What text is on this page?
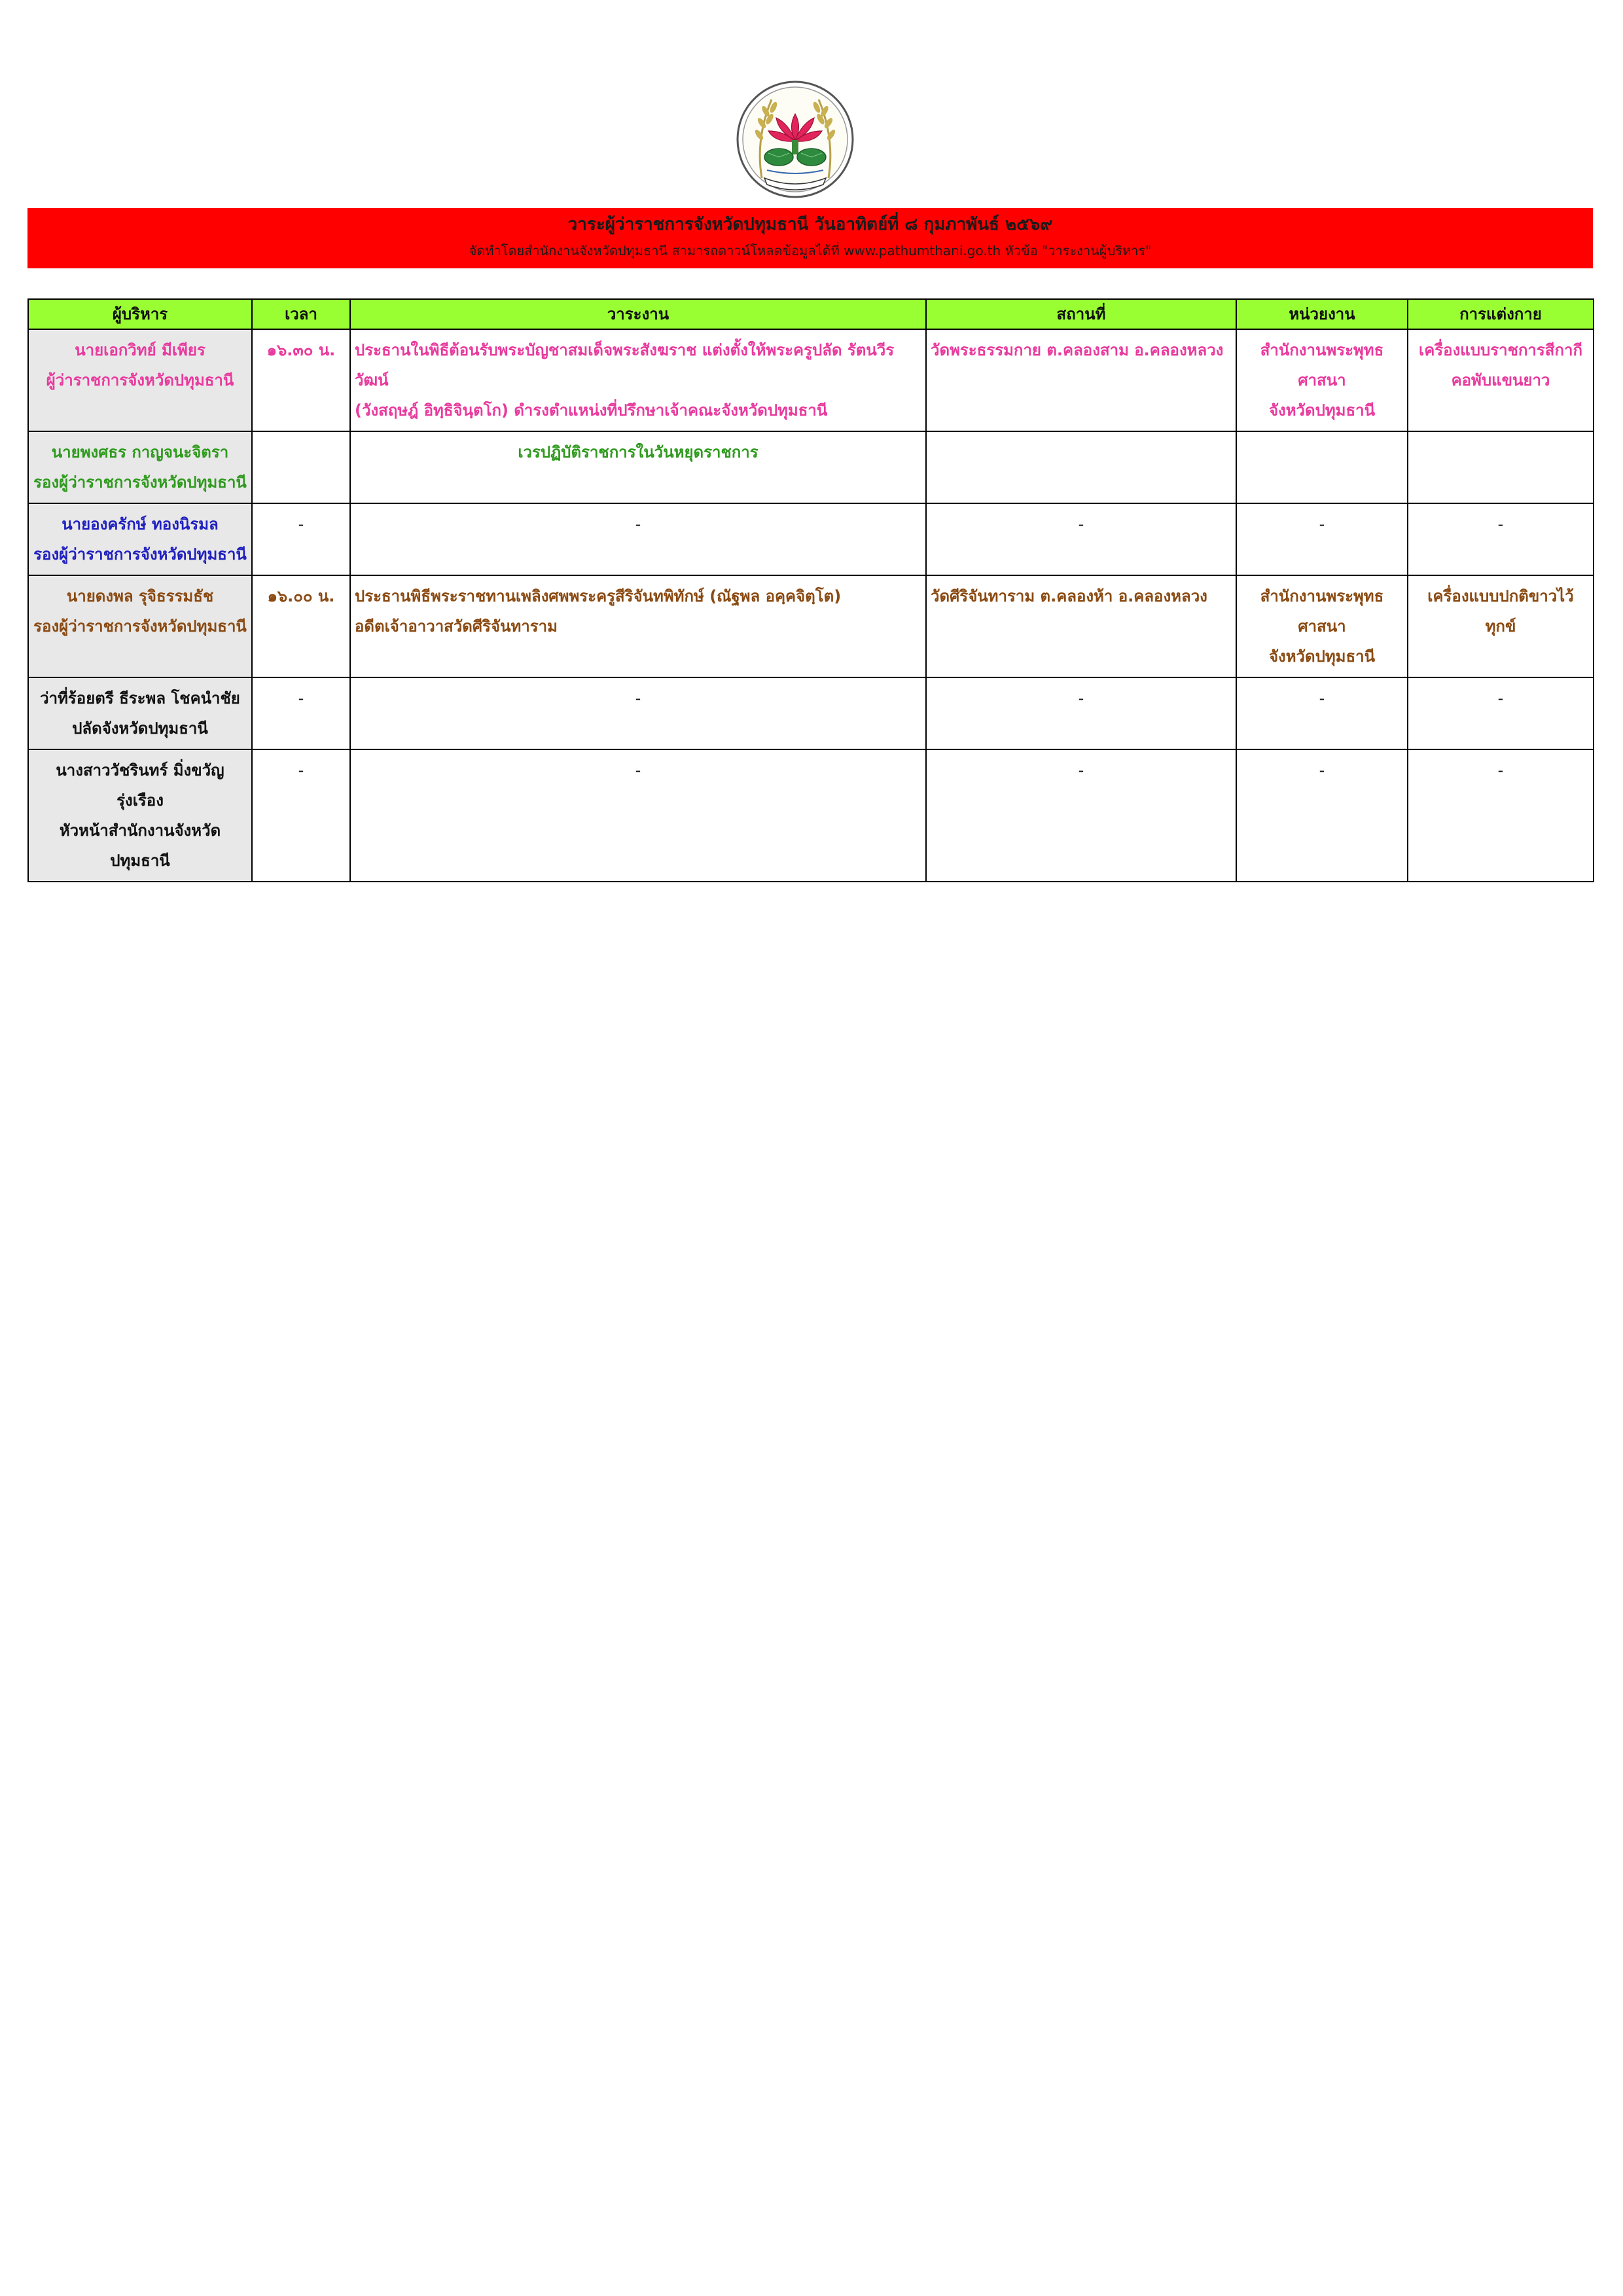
วาระผู้ว่าราชการจังหวัดปทุมธานี วันอาทิตย์ที่ ๘ กุมภาพันธ์ ๒๕๖๙
จัดทำโดยสำนักงานจังหวัดปทุมธานี สามารถดาวน์โหลดข้อมูลได้ที่ www.pathumthani.go.th หัวข้อ "วาระงานผู้บริหาร"
ผู้บริหาร	เวลา	วาระงาน	สถานที่	หน่วยงาน	การแต่งกาย

นายเอกวิทย์ มีเพียร
ผู้ว่าราชการจังหวัดปทุมธานี	๑๖.๓๐ น.	ประธานในพิธีต้อนรับพระบัญชาสมเด็จพระสังฆราช แต่งตั้งให้พระครูปลัด รัตนวีรวัฒน์
(วังสฤษฎ์ อิทฺธิจินฺตโก) ดำรงตำแหน่งที่ปรึกษาเจ้าคณะจังหวัดปทุมธานี	วัดพระธรรมกาย ต.คลองสาม อ.คลองหลวง	สำนักงานพระพุทธศาสนา
จังหวัดปทุมธานี	เครื่องแบบราชการสีกากี
คอพับแขนยาว

นายพงศธร กาญจนะจิตรา
รองผู้ว่าราชการจังหวัดปทุมธานี		เวรปฏิบัติราชการในวันหยุดราชการ			

นายองครักษ์ ทองนิรมล
รองผู้ว่าราชการจังหวัดปทุมธานี	-	-	-	-	-

นายดงพล รุจิธรรมธัช
รองผู้ว่าราชการจังหวัดปทุมธานี	๑๖.๐๐ น.	ประธานพิธีพระราชทานเพลิงศพพระครูสีริจันทพิทักษ์ (ณัฐพล อคฺคจิตฺโต)
อดีตเจ้าอาวาสวัดศีริจันทาราม	วัดศีริจันทาราม ต.คลองห้า อ.คลองหลวง	สำนักงานพระพุทธศาสนา
จังหวัดปทุมธานี	เครื่องแบบปกติขาวไว้ทุกข์

ว่าที่ร้อยตรี ธีระพล โชคนำชัย
ปลัดจังหวัดปทุมธานี	-	-	-	-	-

นางสาววัชรินทร์ มิ่งขวัญรุ่งเรือง
หัวหน้าสำนักงานจังหวัดปทุมธานี	-	-	-	-	-
